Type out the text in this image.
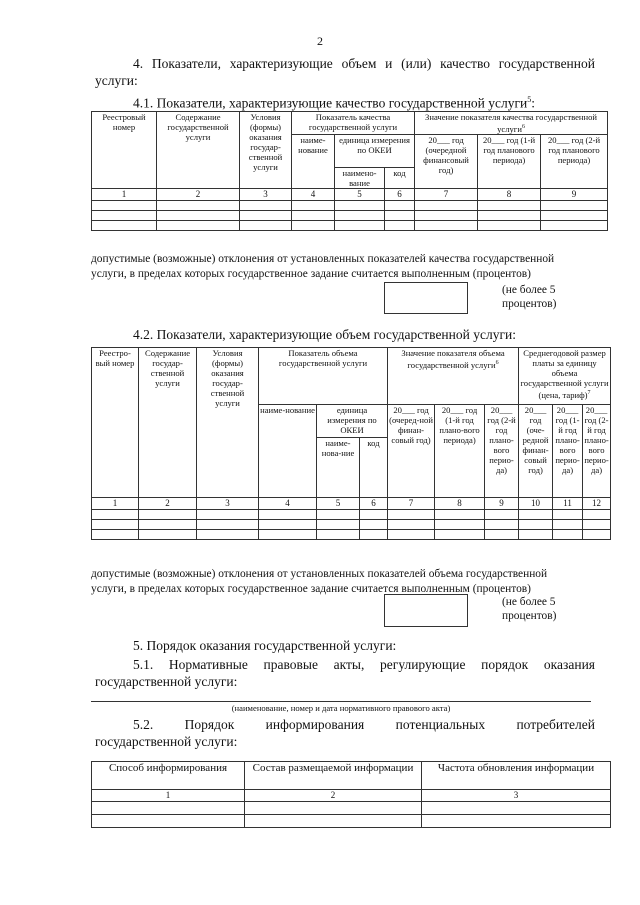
2
4. Показатели, характеризующие объем и (или) качество государственной
услуги:
4.1. Показатели, характеризующие качество государственной услуги$^5$:
Реестровый номер	Содержание государственной услуги	Условия (формы) оказания государ-ственной услуги	Показатель качества государственной услуги			Значение показателя качества государственной услуги$^6$
			наиме-нование	единица измерения по ОКЕИ		20___ год (очередной финансовый год)	20___ год (1-й год планового периода)	20___ год (2-й год планового периода)
				наимено-вание	код			
1	2	3	4	5	6	7	8	9

допустимые (возможные) отклонения от установленных показателей качества государственной
услуги, в пределах которых государственное задание считается выполненным (процентов)
(не более 5
процентов)
4.2. Показатели, характеризующие объем государственной услуги:
Реестро-вый номер	Содержание государ-ственной услуги	Условия (формы) оказания государ-ственной услуги	Показатель объема государственной услуги			Значение показателя объема государственной услуги$^6$			Среднегодовой размер платы за единицу объема государственной услуги (цена, тариф)$^7$
			наиме-нование	единица измерения по ОКЕИ		20___ год (очеред-ной финан-совый год)	20___ год (1-й год плано-вого периода)	20___ год (2-й год плано-вого перио-да)	20___ год (оче-редной финан-совый год)	20___ год (1-й год плано-вого перио-да)	20___ год (2-й год плано-вого перио-да)
				наиме-нова-ние	код						
1	2	3	4	5	6	7	8	9	10	11	12

допустимые (возможные) отклонения от установленных показателей объема государственной
услуги, в пределах которых государственное задание считается выполненным (процентов)
(не более 5
процентов)
5. Порядок оказания государственной услуги:
5.1. Нормативные правовые акты, регулирующие порядок оказания
государственной услуги:
(наименование, номер и дата нормативного правового акта)
5.2. Порядок информирования потенциальных потребителей
государственной услуги:
Способ информирования	Состав размещаемой информации	Частота обновления информации
1	2	3
